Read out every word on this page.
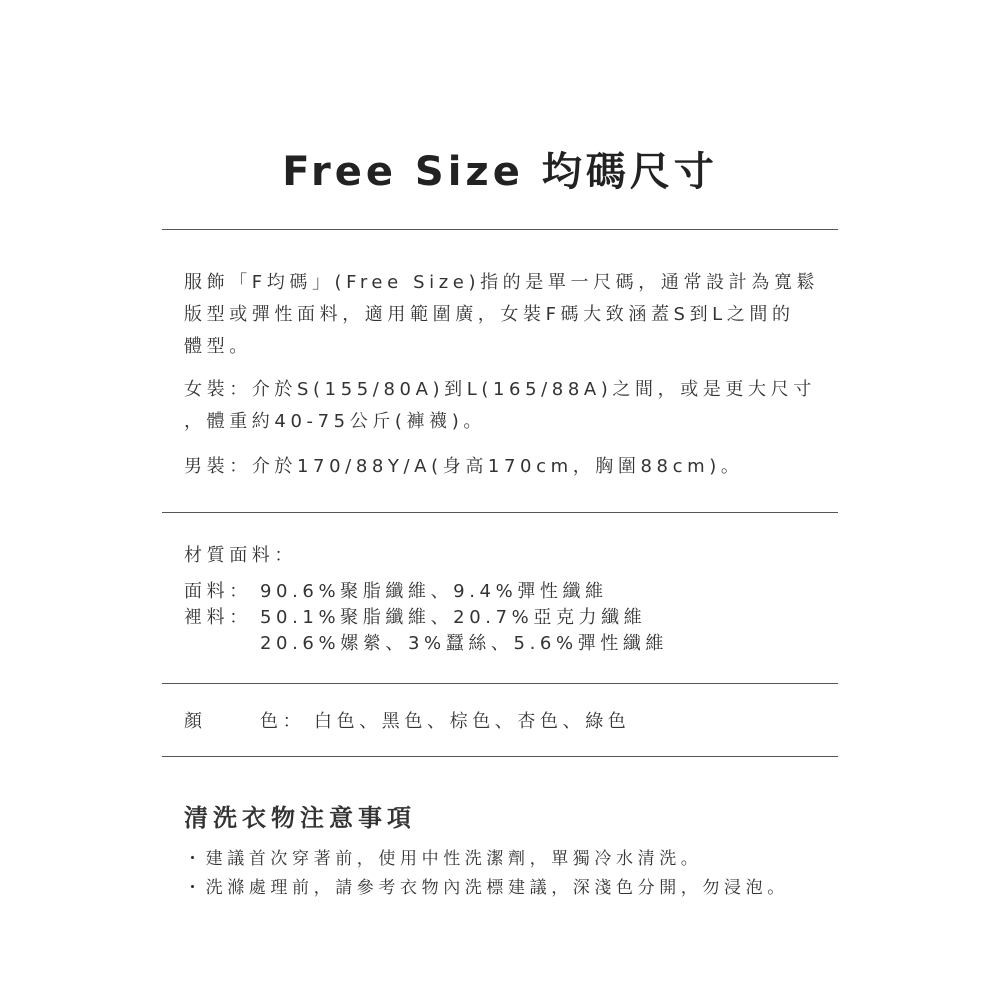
Free Size 均碼尺寸
服飾「F均碼」(Free Size)指的是單一尺碼，通常設計為寬鬆
版型或彈性面料，適用範圍廣，女裝F碼大致涵蓋S到L之間的
體型。
女裝：介於S(155/80A)到L(165/88A)之間，或是更大尺寸
，體重約40-75公斤(褲襪)。
男裝：介於170/88Y/A(身高170cm，胸圍88cm)。
材質面料：
面料： 90.6%聚脂纖維、9.4%彈性纖維
裡料： 50.1%聚脂纖維、20.7%亞克力纖維
20.6%嫘縈、3%蠶絲、5.6%彈性纖維
顏	色： 白色、黑色、棕色、杏色、綠色
清洗衣物注意事項
・建議首次穿著前，使用中性洗潔劑，單獨冷水清洗。
・洗滌處理前，請參考衣物內洗標建議，深淺色分開，勿浸泡。
